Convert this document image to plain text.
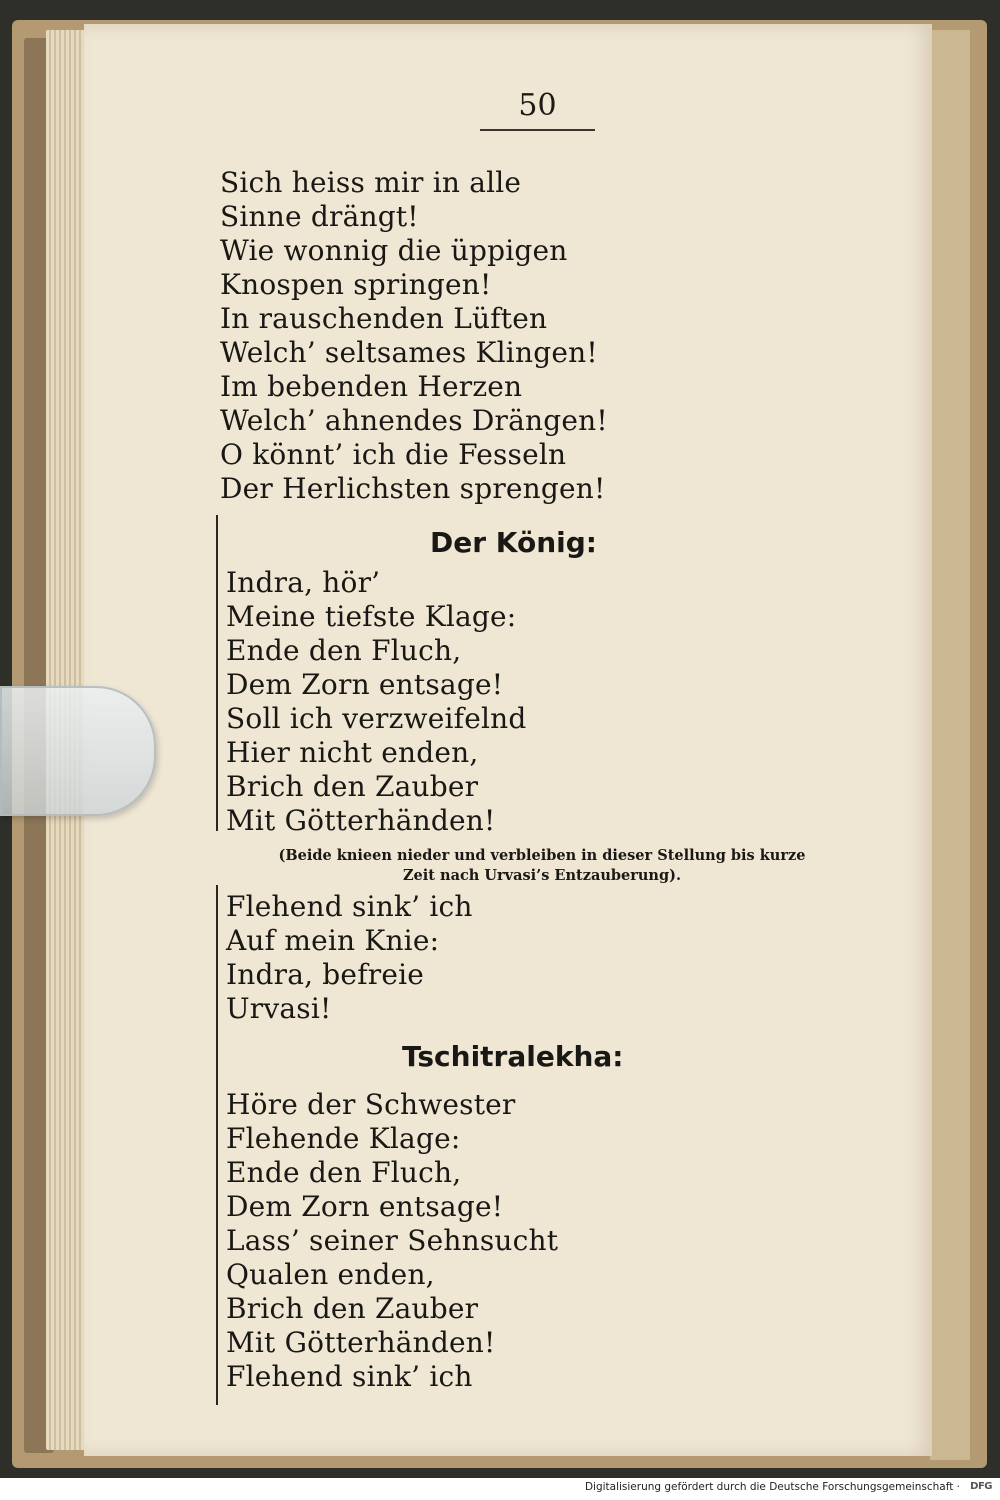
50
Sich heiss mir in alle
Sinne drängt!
Wie wonnig die üppigen
Knospen springen!
In rauschenden Lüften
Welch’ seltsames Klingen!
Im bebenden Herzen
Welch’ ahnendes Drängen!
O könnt’ ich die Fesseln
Der Herlichsten sprengen!
Der König:
Indra, hör’
Meine tiefste Klage:
Ende den Fluch,
Dem Zorn entsage!
Soll ich verzweifelnd
Hier nicht enden,
Brich den Zauber
Mit Götterhänden!
(Beide knieen nieder und verbleiben in dieser Stellung bis kurze Zeit nach Urvasi’s Entzauberung).
Flehend sink’ ich
Auf mein Knie:
Indra, befreie
Urvasi!
Tschitralekha:
Höre der Schwester
Flehende Klage:
Ende den Fluch,
Dem Zorn entsage!
Lass’ seiner Sehnsucht
Qualen enden,
Brich den Zauber
Mit Götterhänden!
Flehend sink’ ich
Digitalisierung gefördert durch die Deutsche Forschungsgemeinschaft · DFG
